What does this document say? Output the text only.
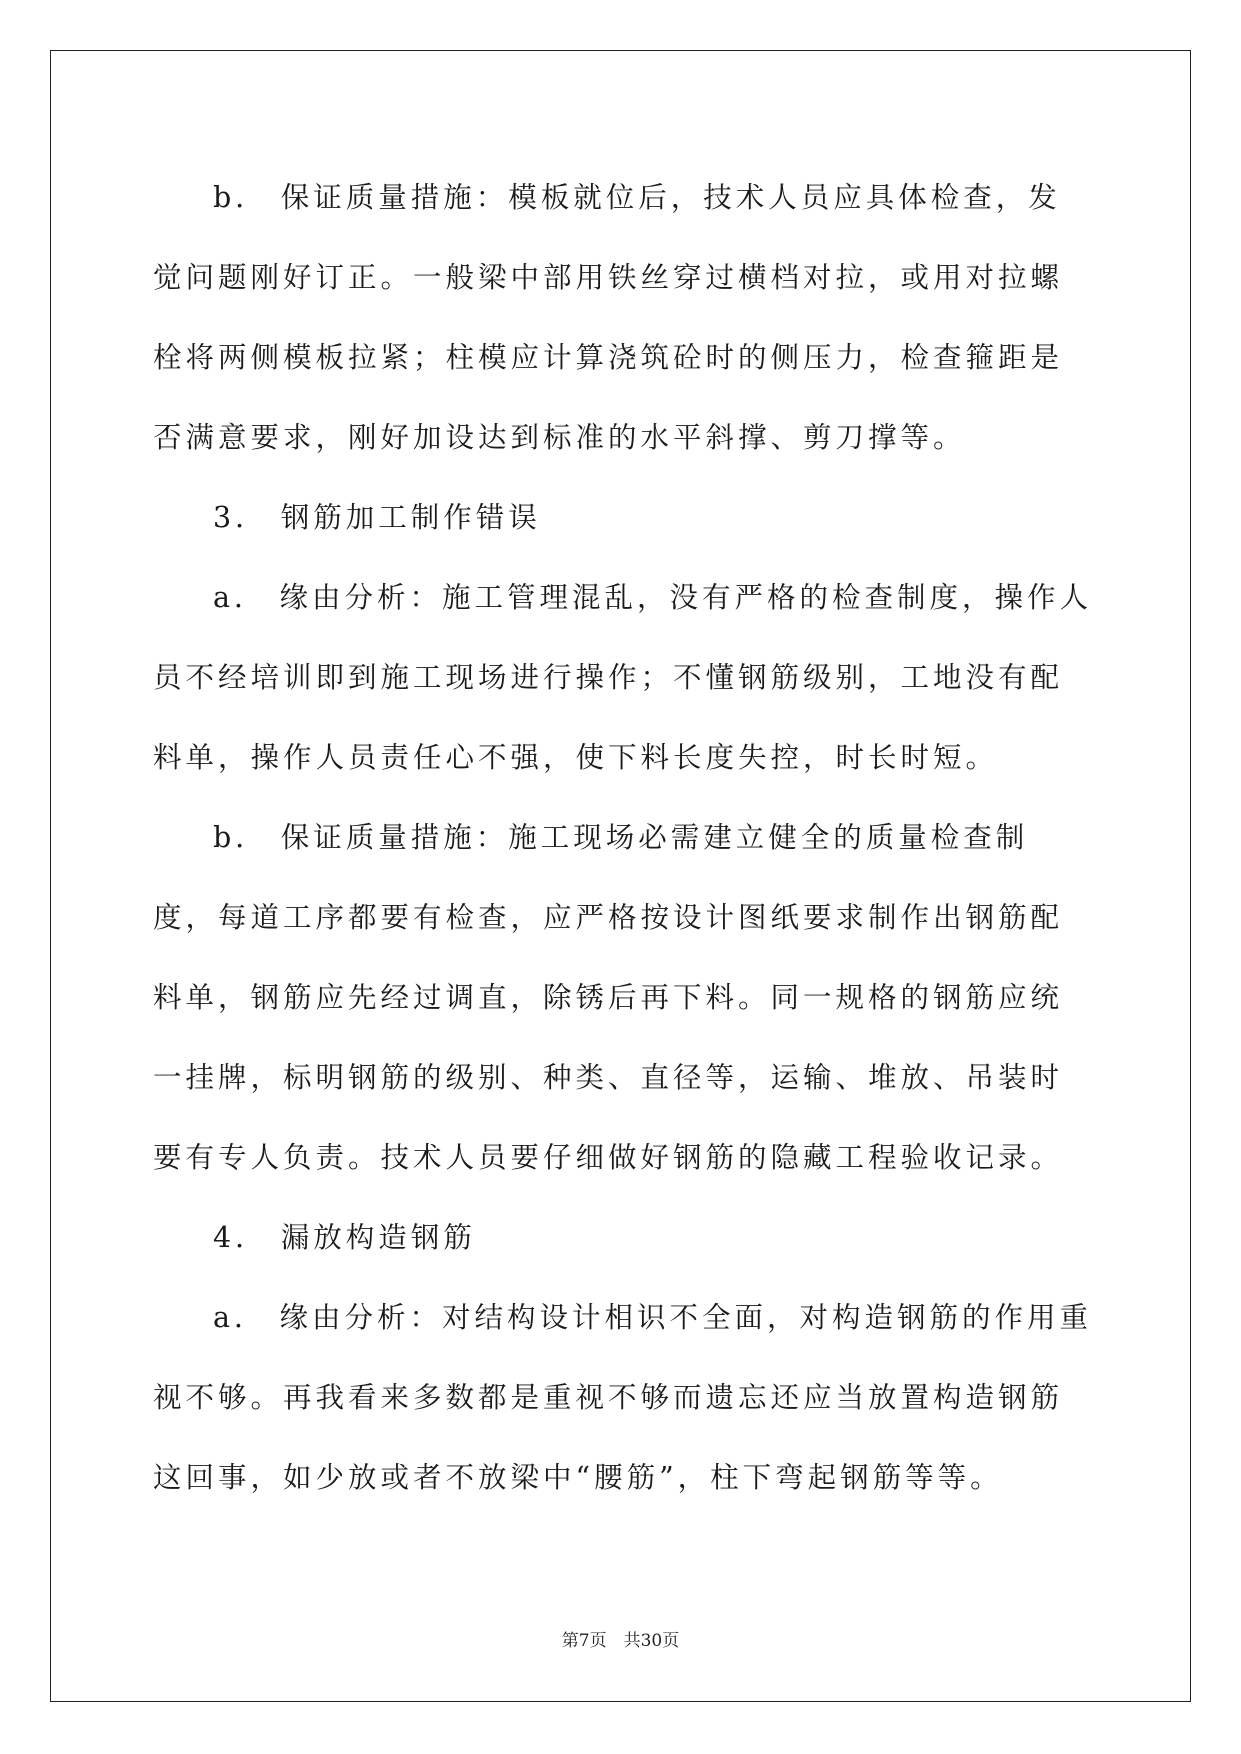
b． 保证质量措施：模板就位后，技术人员应具体检查，发觉问题刚好订正。一般梁中部用铁丝穿过横档对拉，或用对拉螺栓将两侧模板拉紧；柱模应计算浇筑砼时的侧压力，检查箍距是否满意要求，刚好加设达到标准的水平斜撑、剪刀撑等。

3． 钢筋加工制作错误

a． 缘由分析：施工管理混乱，没有严格的检查制度，操作人员不经培训即到施工现场进行操作；不懂钢筋级别，工地没有配料单，操作人员责任心不强，使下料长度失控，时长时短。

b． 保证质量措施：施工现场必需建立健全的质量检查制度，每道工序都要有检查，应严格按设计图纸要求制作出钢筋配料单，钢筋应先经过调直，除锈后再下料。同一规格的钢筋应统一挂牌，标明钢筋的级别、种类、直径等，运输、堆放、吊装时要有专人负责。技术人员要仔细做好钢筋的隐藏工程验收记录。

4． 漏放构造钢筋

a． 缘由分析：对结构设计相识不全面，对构造钢筋的作用重视不够。再我看来多数都是重视不够而遗忘还应当放置构造钢筋这回事，如少放或者不放梁中“腰筋”，柱下弯起钢筋等等。

第7页　共30页
